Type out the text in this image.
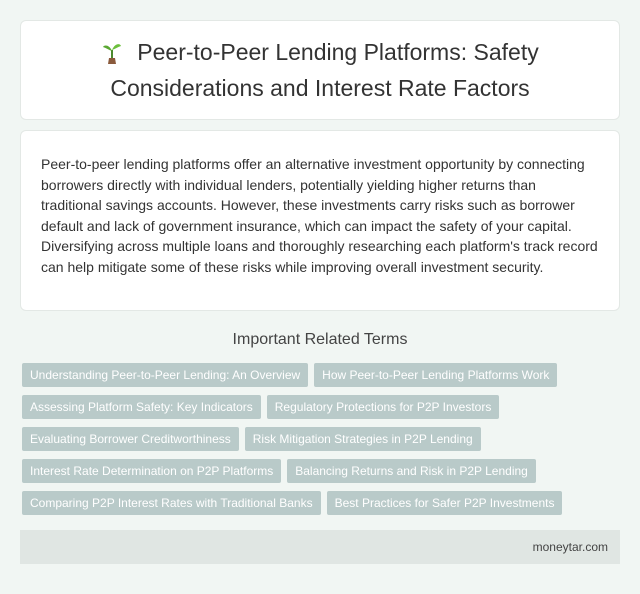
Peer-to-Peer Lending Platforms: Safety Considerations and Interest Rate Factors

Peer-to-peer lending platforms offer an alternative investment opportunity by connecting borrowers directly with individual lenders, potentially yielding higher returns than traditional savings accounts. However, these investments carry risks such as borrower default and lack of government insurance, which can impact the safety of your capital. Diversifying across multiple loans and thoroughly researching each platform's track record can help mitigate some of these risks while improving overall investment security.

Important Related Terms
Understanding Peer-to-Peer Lending: An Overview	How Peer-to-Peer Lending Platforms Work
Assessing Platform Safety: Key Indicators	Regulatory Protections for P2P Investors
Evaluating Borrower Creditworthiness	Risk Mitigation Strategies in P2P Lending
Interest Rate Determination on P2P Platforms	Balancing Returns and Risk in P2P Lending
Comparing P2P Interest Rates with Traditional Banks	Best Practices for Safer P2P Investments
moneytar.com
